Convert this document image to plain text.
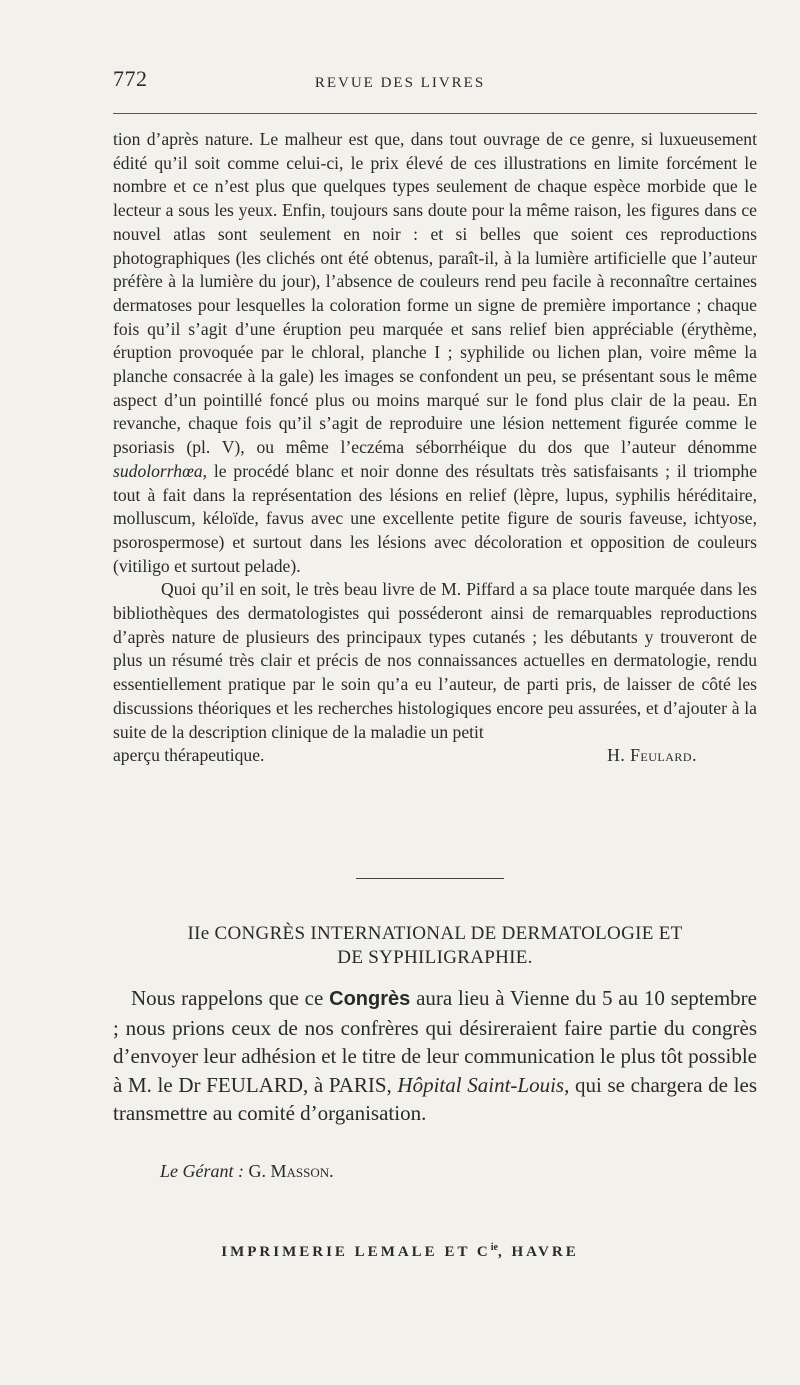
772	REVUE DES LIVRES

tion d’après nature. Le malheur est que, dans tout ouvrage de ce genre, si luxueusement édité qu’il soit comme celui-ci, le prix élevé de ces illustrations en limite forcément le nombre et ce n’est plus que quelques types seulement de chaque espèce morbide que le lecteur a sous les yeux. Enfin, toujours sans doute pour la même raison, les figures dans ce nouvel atlas sont seulement en noir : et si belles que soient ces reproductions photographiques (les clichés ont été obtenus, paraît-il, à la lumière artificielle que l’auteur préfère à la lumière du jour), l’absence de couleurs rend peu facile à reconnaître certaines dermatoses pour lesquelles la coloration forme un signe de première importance ; chaque fois qu’il s’agit d’une éruption peu marquée et sans relief bien appréciable (érythème, éruption provoquée par le chloral, planche I ; syphilide ou lichen plan, voire même la planche consacrée à la gale) les images se confondent un peu, se présentant sous le même aspect d’un pointillé foncé plus ou moins marqué sur le fond plus clair de la peau. En revanche, chaque fois qu’il s’agit de reproduire une lésion nettement figurée comme le psoriasis (pl. V), ou même l’eczéma séborrhéique du dos que l’auteur dénomme sudolorrhœa, le procédé blanc et noir donne des résultats très satisfaisants ; il triomphe tout à fait dans la représentation des lésions en relief (lèpre, lupus, syphilis héréditaire, molluscum, kéloïde, favus avec une excellente petite figure de souris faveuse, ichtyose, psorospermose) et surtout dans les lésions avec décoloration et opposition de couleurs (vitiligo et surtout pelade).

Quoi qu’il en soit, le très beau livre de M. Piffard a sa place toute marquée dans les bibliothèques des dermatologistes qui posséderont ainsi de remarquables reproductions d’après nature de plusieurs des principaux types cutanés ; les débutants y trouveront de plus un résumé très clair et précis de nos connaissances actuelles en dermatologie, rendu essentiellement pratique par le soin qu’a eu l’auteur, de parti pris, de laisser de côté les discussions théoriques et les recherches histologiques encore peu assurées, et d’ajouter à la suite de la description clinique de la maladie un petit

aperçu thérapeutique.	H. Feulard.
IIe CONGRÈS INTERNATIONAL DE DERMATOLOGIE ET
DE SYPHILIGRAPHIE.

Nous rappelons que ce Congrès aura lieu à Vienne du 5 au 10 septembre ; nous prions ceux de nos confrères qui désireraient faire partie du congrès d’envoyer leur adhésion et le titre de leur communication le plus tôt possible à M. le Dr FEULARD, à PARIS, Hôpital Saint-Louis, qui se chargera de les transmettre au comité d’organisation.

Le Gérant : G. Masson.
IMPRIMERIE LEMALE ET $C^{ie}$, HAVRE
